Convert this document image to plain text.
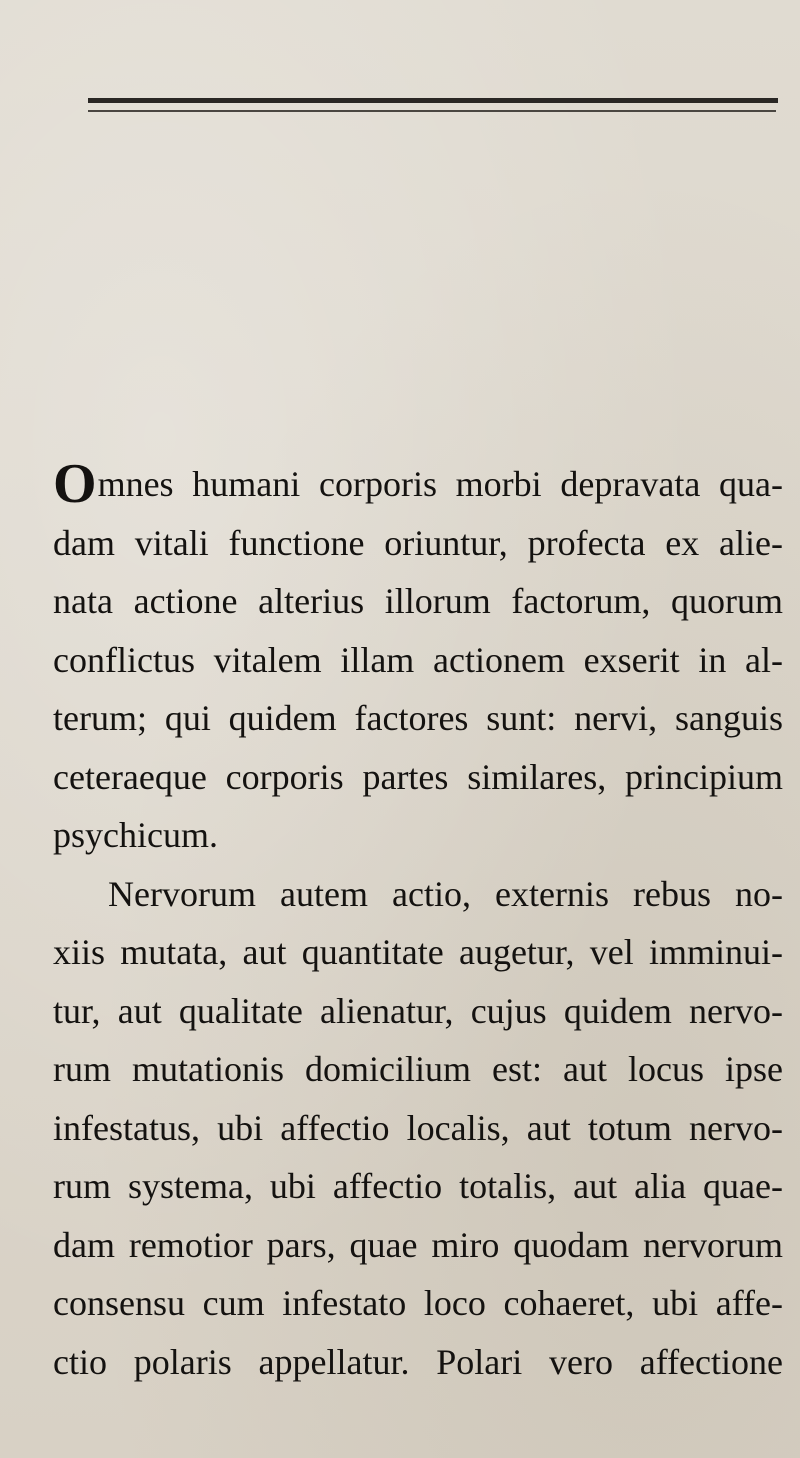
Omnes humani corporis morbi depravata qua-
dam vitali functione oriuntur, profecta ex alie-
nata actione alterius illorum factorum, quorum
conflictus vitalem illam actionem exserit in al-
terum; qui quidem factores sunt: nervi, sanguis
ceteraeque corporis partes similares, principium
psychicum.
Nervorum autem actio, externis rebus no-
xiis mutata, aut quantitate augetur, vel imminui-
tur, aut qualitate alienatur, cujus quidem nervo-
rum mutationis domicilium est: aut locus ipse
infestatus, ubi affectio localis, aut totum nervo-
rum systema, ubi affectio totalis, aut alia quae-
dam remotior pars, quae miro quodam nervorum
consensu cum infestato loco cohaeret, ubi affe-
ctio polaris appellatur. Polari vero affectione
